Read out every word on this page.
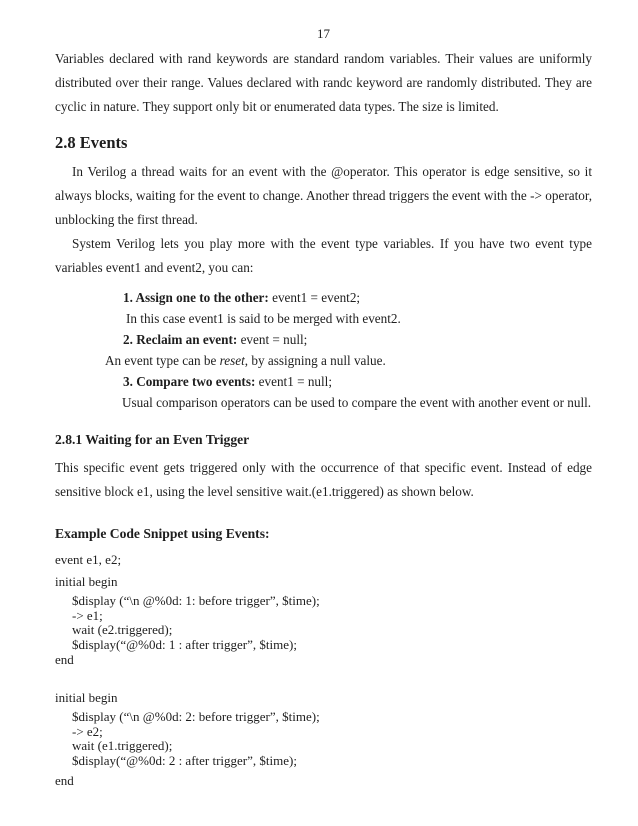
17

Variables declared with rand keywords are standard random variables. Their values are uniformly distributed over their range. Values declared with randc keyword are randomly distributed. They are cyclic in nature. They support only bit or enumerated data types. The size is limited.

2.8 Events

In Verilog a thread waits for an event with the @operator. This operator is edge sensitive, so it always blocks, waiting for the event to change. Another thread triggers the event with the -> operator, unblocking the first thread.

System Verilog lets you play more with the event type variables. If you have two event type variables event1 and event2, you can:

1. Assign one to the other: event1 = event2;

In this case event1 is said to be merged with event2.

2. Reclaim an event: event = null;

An event type can be reset, by assigning a null value.

3. Compare two events: event1 = null;

Usual comparison operators can be used to compare the event with another event or null.

2.8.1 Waiting for an Even Trigger

This specific event gets triggered only with the occurrence of that specific event. Instead of edge sensitive block e1, using the level sensitive wait.(e1.triggered) as shown below.

Example Code Snippet using Events:

event e1, e2;

initial begin

$display (“\n @%0d: 1: before trigger”, $time);
-> e1;
wait (e2.triggered);
$display(“@%0d: 1 : after trigger”, $time);

end

initial begin

$display (“\n @%0d: 2: before trigger”, $time);
-> e2;
wait (e1.triggered);
$display(“@%0d: 2 : after trigger”, $time);

end
